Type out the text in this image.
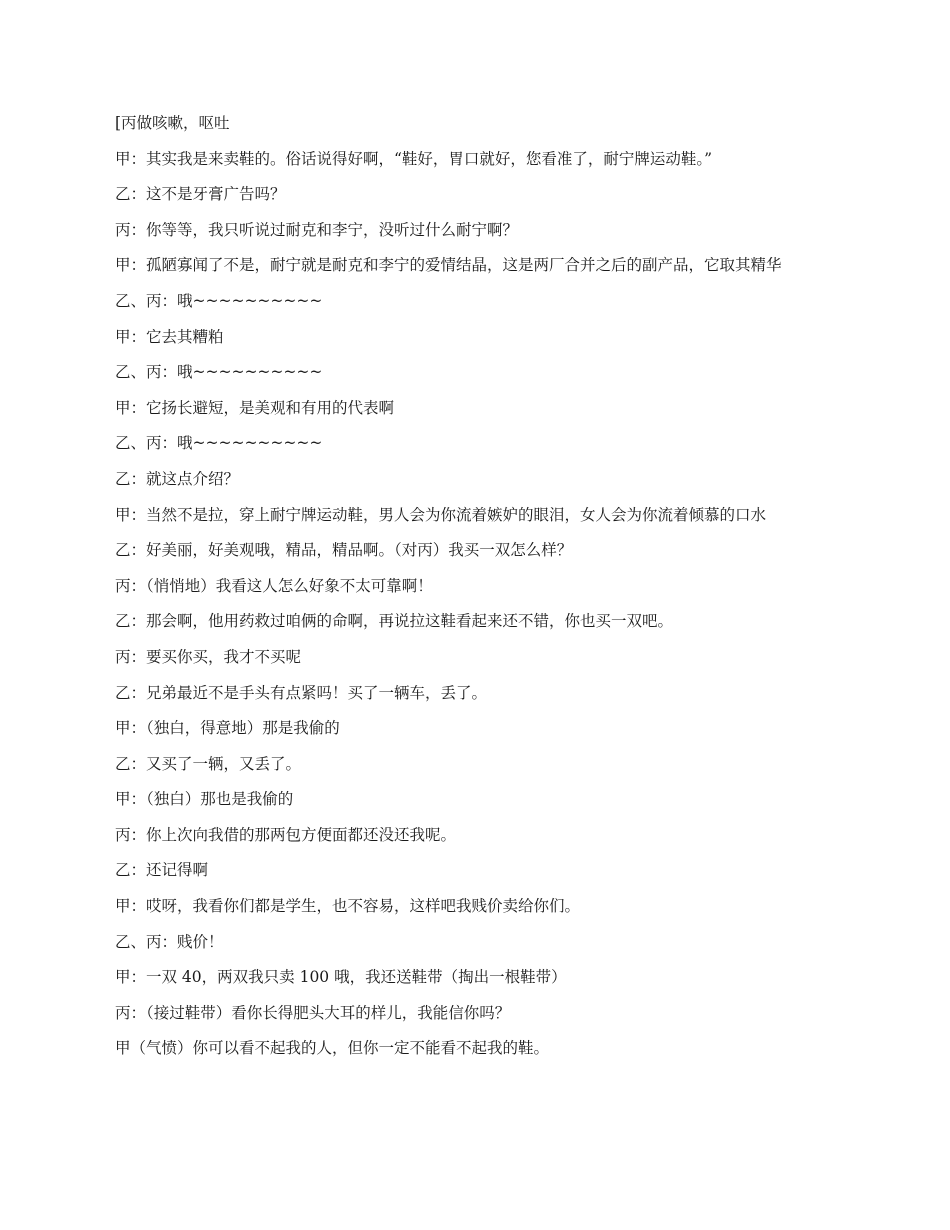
[丙做咳嗽，呕吐

甲：其实我是来卖鞋的。俗话说得好啊，“鞋好，胃口就好，您看准了，耐宁牌运动鞋。”

乙：这不是牙膏广告吗？

丙：你等等，我只听说过耐克和李宁，没听过什么耐宁啊？

甲：孤陋寡闻了不是，耐宁就是耐克和李宁的爱情结晶，这是两厂合并之后的副产品，它取其精华

乙、丙：哦~~~~~~~~~~

甲：它去其糟粕

乙、丙：哦~~~~~~~~~~

甲：它扬长避短，是美观和有用的代表啊

乙、丙：哦~~~~~~~~~~

乙：就这点介绍？

甲：当然不是拉，穿上耐宁牌运动鞋，男人会为你流着嫉妒的眼泪，女人会为你流着倾慕的口水

乙：好美丽，好美观哦，精品，精品啊。（对丙）我买一双怎么样？

丙：（悄悄地）我看这人怎么好象不太可靠啊！

乙：那会啊，他用药救过咱俩的命啊，再说拉这鞋看起来还不错，你也买一双吧。

丙：要买你买，我才不买呢

乙：兄弟最近不是手头有点紧吗！买了一辆车，丢了。

甲：（独白，得意地）那是我偷的

乙：又买了一辆，又丢了。

甲：（独白）那也是我偷的

丙：你上次向我借的那两包方便面都还没还我呢。

乙：还记得啊

甲：哎呀，我看你们都是学生，也不容易，这样吧我贱价卖给你们。

乙、丙：贱价！

甲：一双 40，两双我只卖 100 哦，我还送鞋带（掏出一根鞋带）

丙：（接过鞋带）看你长得肥头大耳的样儿，我能信你吗？

甲（气愤）你可以看不起我的人，但你一定不能看不起我的鞋。
